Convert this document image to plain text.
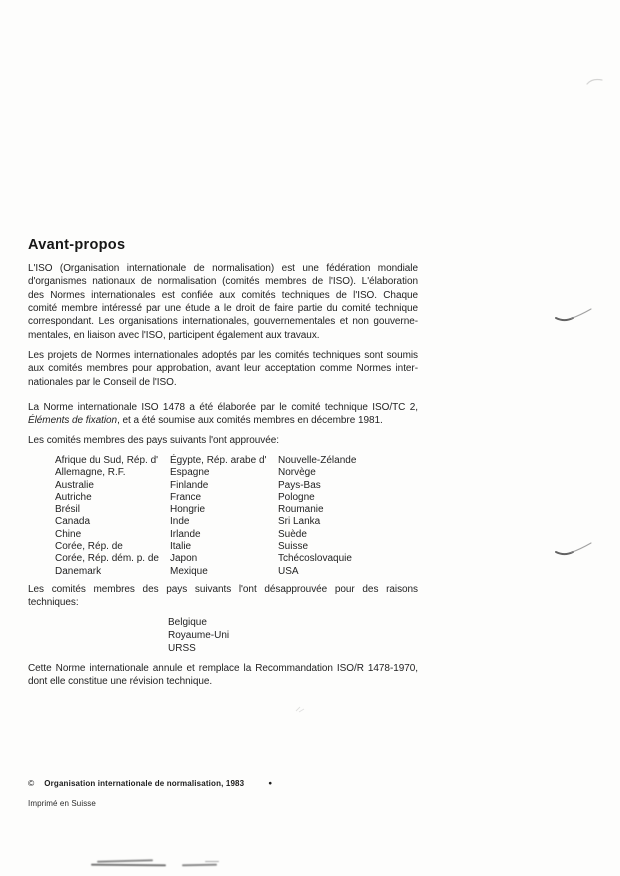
Avant-propos
L'ISO (Organisation internationale de normalisation) est une fédération mondiale
d'organismes nationaux de normalisation (comités membres de l'ISO). L'élaboration
des Normes internationales est confiée aux comités techniques de l'ISO. Chaque
comité membre intéressé par une étude a le droit de faire partie du comité technique
correspondant. Les organisations internationales, gouvernementales et non gouverne-
mentales, en liaison avec l'ISO, participent également aux travaux.
Les projets de Normes internationales adoptés par les comités techniques sont soumis
aux comités membres pour approbation, avant leur acceptation comme Normes inter-
nationales par le Conseil de l'ISO.
La Norme internationale ISO 1478 a été élaborée par le comité technique ISO/TC 2,
Éléments de fixation, et a été soumise aux comités membres en décembre 1981.
Les comités membres des pays suivants l'ont approuvée:
Afrique du Sud, Rép. d'
Allemagne, R.F.
Australie
Autriche
Brésil
Canada
Chine
Corée, Rép. de
Corée, Rép. dém. p. de
Danemark
Égypte, Rép. arabe d'
Espagne
Finlande
France
Hongrie
Inde
Irlande
Italie
Japon
Mexique
Nouvelle-Zélande
Norvège
Pays-Bas
Pologne
Roumanie
Sri Lanka
Suède
Suisse
Tchécoslovaquie
USA
Les comités membres des pays suivants l'ont désapprouvée pour des raisons
techniques:
Belgique
Royaume-Uni
URSS
Cette Norme internationale annule et remplace la Recommandation ISO/R 1478-1970,
dont elle constitue une révision technique.
© Organisation internationale de normalisation, 1983	●
Imprimé en Suisse
